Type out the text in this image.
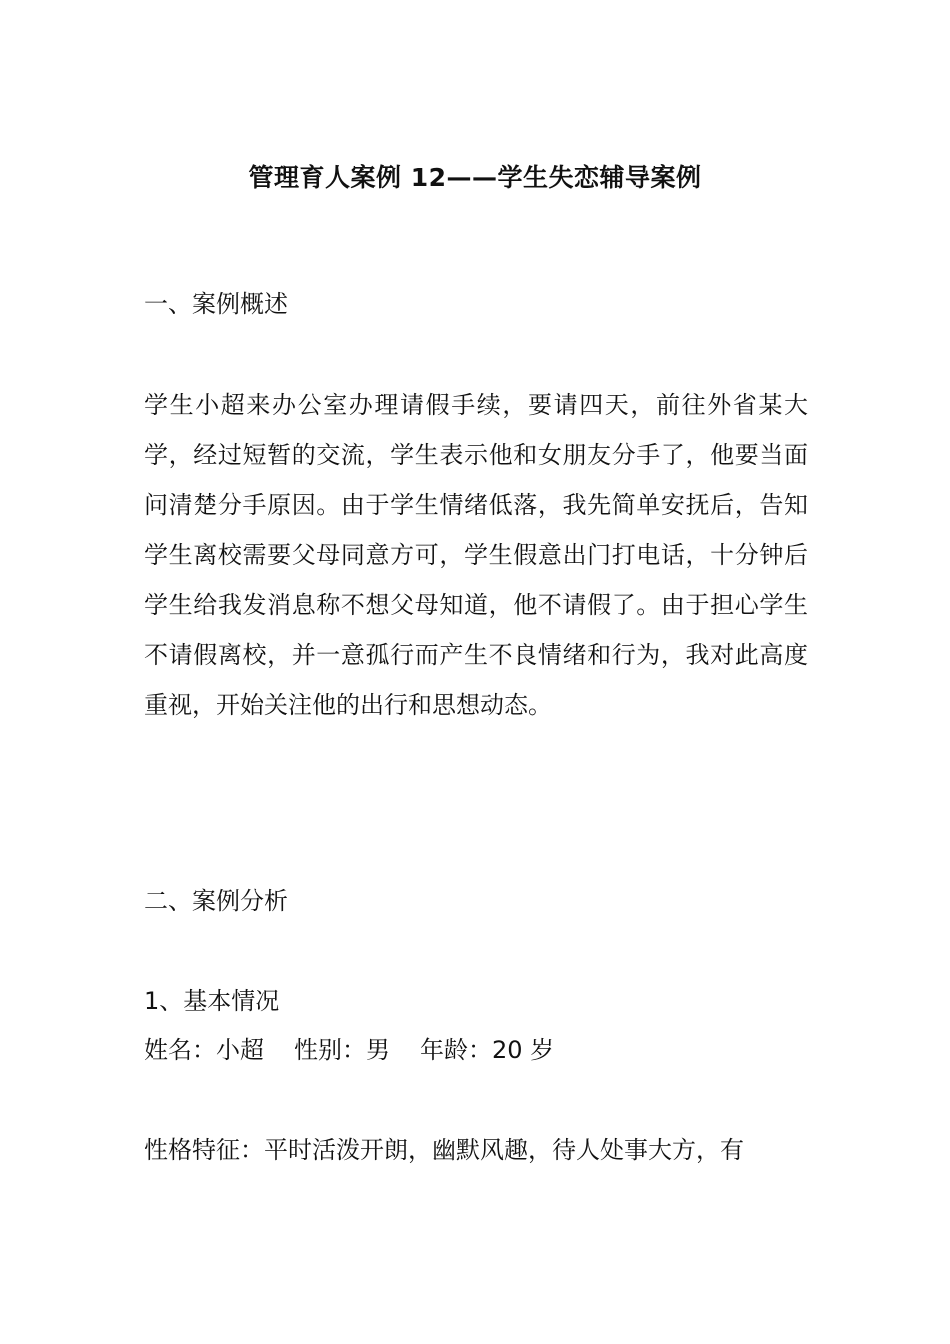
管理育人案例 12——学生失恋辅导案例
一、案例概述
学生小超来办公室办理请假手续，要请四天，前往外省某大学，经过短暂的交流，学生表示他和女朋友分手了，他要当面问清楚分手原因。由于学生情绪低落，我先简单安抚后，告知学生离校需要父母同意方可，学生假意出门打电话，十分钟后学生给我发消息称不想父母知道，他不请假了。由于担心学生不请假离校，并一意孤行而产生不良情绪和行为，我对此高度重视，开始关注他的出行和思想动态。
二、案例分析
1、基本情况
姓名：小超 性别：男 年龄：20 岁
性格特征：平时活泼开朗，幽默风趣，待人处事大方，有
